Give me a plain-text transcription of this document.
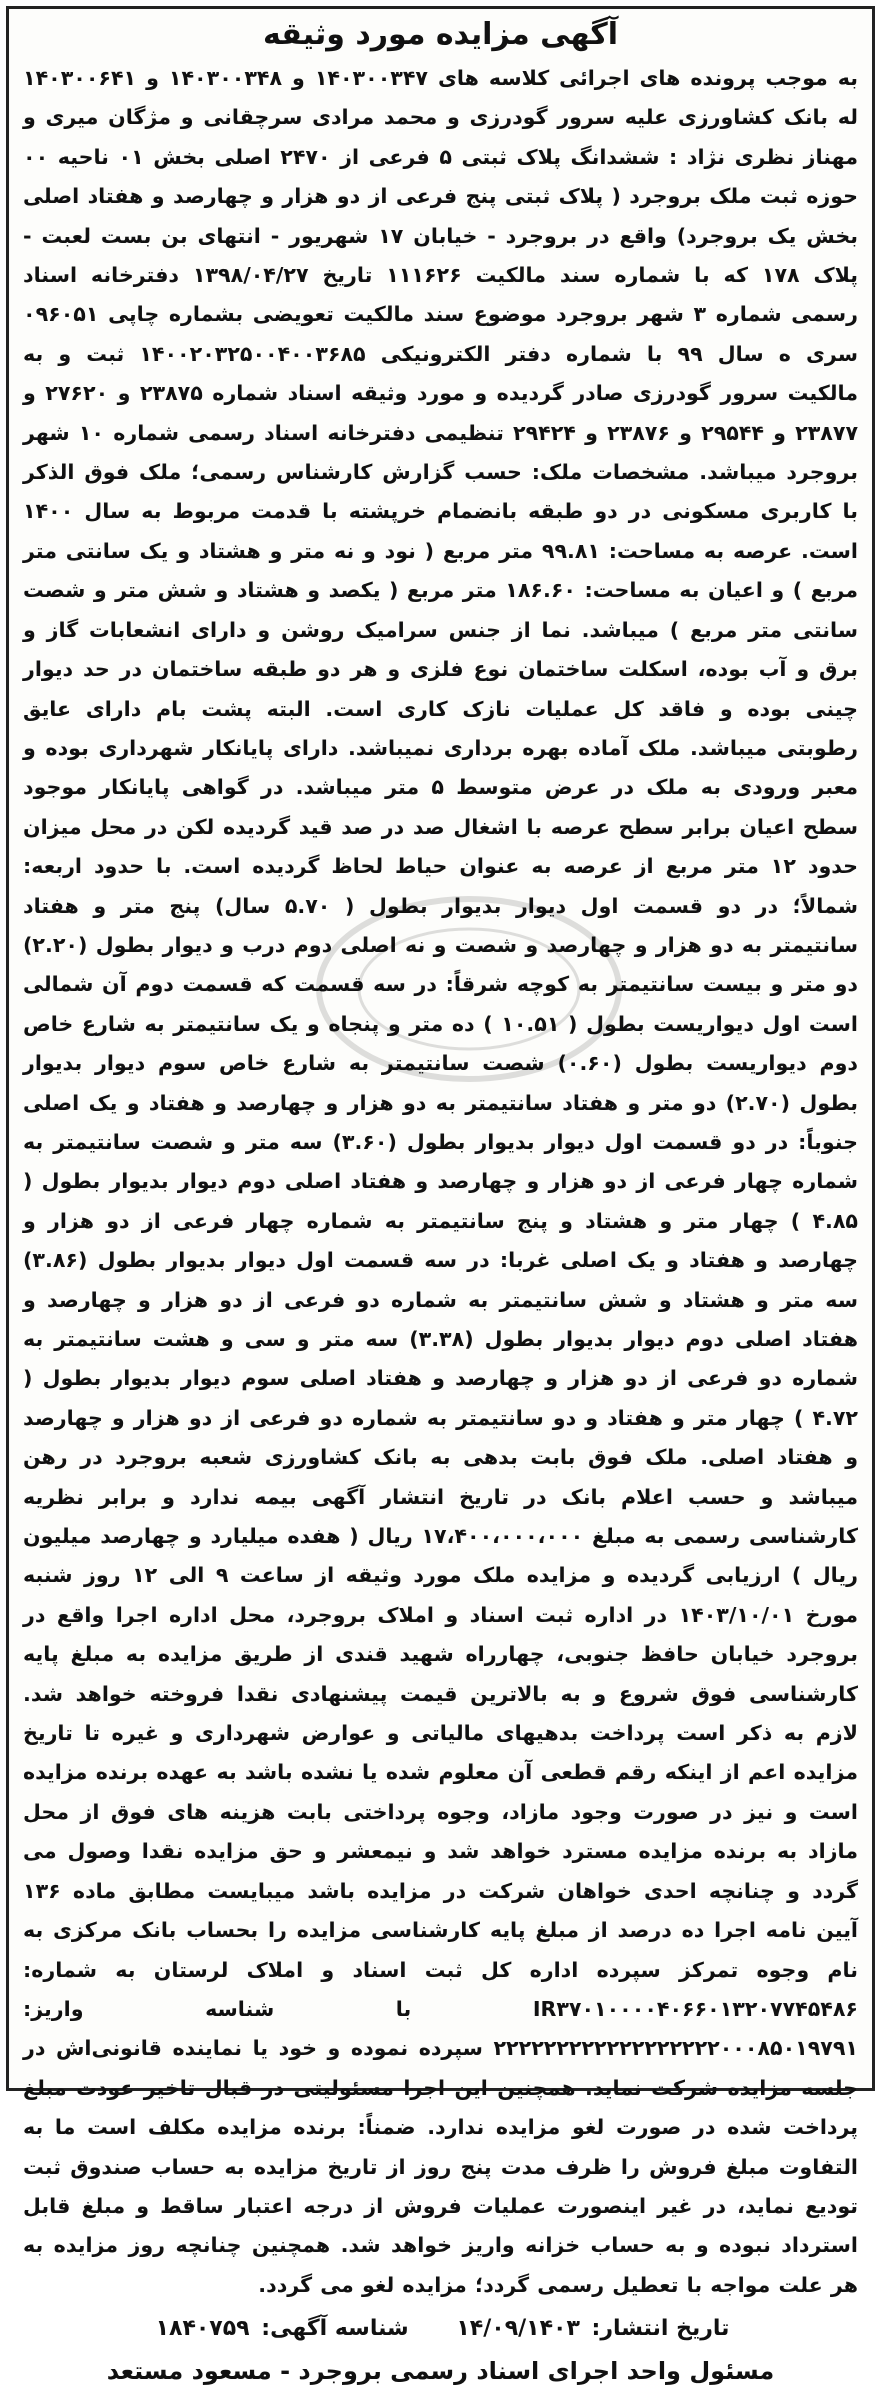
آگهی مزایده مورد وثیقه

به موجب پرونده های اجرائی کلاسه های ۱۴۰۳۰۰۳۴۷ و ۱۴۰۳۰۰۳۴۸ و ۱۴۰۳۰۰۶۴۱ له بانک کشاورزی علیه سرور گودرزی و محمد مرادی سرچقانی و مژگان میری و مهناز نظری نژاد : ششدانگ پلاک ثبتی ۵ فرعی از ۲۴۷۰ اصلی بخش ۰۱ ناحیه ۰۰ حوزه ثبت ملک بروجرد ( پلاک ثبتی پنج فرعی از دو هزار و چهارصد و هفتاد اصلی بخش یک بروجرد) واقع در بروجرد - خیابان ۱۷ شهریور - انتهای بن بست لعبت - پلاک ۱۷۸ که با شماره سند مالکیت ۱۱۱۶۲۶ تاریخ ۱۳۹۸/۰۴/۲۷ دفترخانه اسناد رسمی شماره ۳ شهر بروجرد موضوع سند مالکیت تعویضی بشماره چاپی ۰۹۶۰۵۱ سری ه سال ۹۹ با شماره دفتر الکترونیکی ۱۴۰۰۲۰۳۲۵۰۰۴۰۰۳۶۸۵ ثبت و به مالکیت سرور گودرزی صادر گردیده و مورد وثیقه اسناد شماره ۲۳۸۷۵ و ۲۷۶۲۰ و ۲۳۸۷۷ و ۲۹۵۴۴ و ۲۳۸۷۶ و ۲۹۴۲۴ تنظیمی دفترخانه اسناد رسمی شماره ۱۰ شهر بروجرد میباشد. مشخصات ملک: حسب گزارش کارشناس رسمی؛ ملک فوق الذکر با کاربری مسکونی در دو طبقه بانضمام خرپشته با قدمت مربوط به سال ۱۴۰۰ است. عرصه به مساحت: ۹۹.۸۱ متر مربع ( نود و نه متر و هشتاد و یک سانتی متر مربع ) و اعیان به مساحت: ۱۸۶.۶۰ متر مربع ( یکصد و هشتاد و شش متر و شصت سانتی متر مربع ) میباشد. نما از جنس سرامیک روشن و دارای انشعابات گاز و برق و آب بوده، اسکلت ساختمان نوع فلزی و هر دو طبقه ساختمان در حد دیوار چینی بوده و فاقد کل عملیات نازک کاری است. البته پشت بام دارای عایق رطوبتی میباشد. ملک آماده بهره برداری نمیباشد. دارای پایانکار شهرداری بوده و معبر ورودی به ملک در عرض متوسط ۵ متر میباشد. در گواهی پایانکار موجود سطح اعیان برابر سطح عرصه با اشغال صد در صد قید گردیده لکن در محل میزان حدود ۱۲ متر مربع از عرصه به عنوان حیاط لحاظ گردیده است. با حدود اربعه: شمالاً؛ در دو قسمت اول دیوار بدیوار بطول ( ۵.۷۰ سال) پنج متر و هفتاد سانتیمتر به دو هزار و چهارصد و شصت و نه اصلی دوم درب و دیوار بطول (۲.۲۰) دو متر و بیست سانتیمتر به کوچه شرقاً: در سه قسمت که قسمت دوم آن شمالی است اول دیواریست بطول ( ۱۰.۵۱ ) ده متر و پنجاه و یک سانتیمتر به شارع خاص دوم دیواریست بطول (۰.۶۰) شصت سانتیمتر به شارع خاص سوم دیوار بدیوار بطول (۲.۷۰) دو متر و هفتاد سانتیمتر به دو هزار و چهارصد و هفتاد و یک اصلی جنوباً: در دو قسمت اول دیوار بدیوار بطول (۳.۶۰) سه متر و شصت سانتیمتر به شماره چهار فرعی از دو هزار و چهارصد و هفتاد اصلی دوم دیوار بدیوار بطول ( ۴.۸۵ ) چهار متر و هشتاد و پنج سانتیمتر به شماره چهار فرعی از دو هزار و چهارصد و هفتاد و یک اصلی غربا: در سه قسمت اول دیوار بدیوار بطول (۳.۸۶) سه متر و هشتاد و شش سانتیمتر به شماره دو فرعی از دو هزار و چهارصد و هفتاد اصلی دوم دیوار بدیوار بطول (۳.۳۸) سه متر و سی و هشت سانتیمتر به شماره دو فرعی از دو هزار و چهارصد و هفتاد اصلی سوم دیوار بدیوار بطول ( ۴.۷۲ ) چهار متر و هفتاد و دو سانتیمتر به شماره دو فرعی از دو هزار و چهارصد و هفتاد اصلی. ملک فوق بابت بدهی به بانک کشاورزی شعبه بروجرد در رهن میباشد و حسب اعلام بانک در تاریخ انتشار آگهی بیمه ندارد و برابر نظریه کارشناسی رسمی به مبلغ ۱۷،۴۰۰،۰۰۰،۰۰۰ ریال ( هفده میلیارد و چهارصد میلیون ریال ) ارزیابی گردیده و مزایده ملک مورد وثیقه از ساعت ۹ الی ۱۲ روز شنبه مورخ ۱۴۰۳/۱۰/۰۱ در اداره ثبت اسناد و املاک بروجرد، محل اداره اجرا واقع در بروجرد خیابان حافظ جنوبی، چهارراه شهید قندی از طریق مزایده به مبلغ پایه کارشناسی فوق شروع و به بالاترین قیمت پیشنهادی نقدا فروخته خواهد شد. لازم به ذکر است پرداخت بدهیهای مالیاتی و عوارض شهرداری و غیره تا تاریخ مزایده اعم از اینکه رقم قطعی آن معلوم شده یا نشده باشد به عهده برنده مزایده است و نیز در صورت وجود مازاد، وجوه پرداختی بابت هزینه های فوق از محل مازاد به برنده مزایده مسترد خواهد شد و نیمعشر و حق مزایده نقدا وصول می گردد و چنانچه احدی خواهان شرکت در مزایده باشد میبایست مطابق ماده ۱۳۶ آیین نامه اجرا ده درصد از مبلغ پایه کارشناسی مزایده را بحساب بانک مرکزی به نام وجوه تمرکز سپرده اداره کل ثبت اسناد و املاک لرستان به شماره: IR۳۷۰۱۰۰۰۰۴۰۶۶۰۱۳۲۰۷۷۴۵۴۸۶ با شناسه واریز: ۲۲۲۲۲۲۲۲۲۲۲۲۲۲۲۲۲۲۰۰۰۸۵۰۱۹۷۹۱ سپرده نموده و خود یا نماینده قانونی‌اش در جلسه مزایده شرکت نماید. همچنین این اجرا مسئولیتی در قبال تاخیر عودت مبلغ پرداخت شده در صورت لغو مزایده ندارد. ضمناً: برنده مزایده مکلف است ما به التفاوت مبلغ فروش را ظرف مدت پنج روز از تاریخ مزایده به حساب صندوق ثبت تودیع نماید، در غیر اینصورت عملیات فروش از درجه اعتبار ساقط و مبلغ قابل استرداد نبوده و به حساب خزانه واریز خواهد شد. همچنین چنانچه روز مزایده به هر علت مواجه با تعطیل رسمی گردد؛ مزایده لغو می گردد.

تاریخ انتشار: ۱۴/۰۹/۱۴۰۳ شناسه آگهی: ۱۸۴۰۷۵۹
مسئول واحد اجرای اسناد رسمی بروجرد - مسعود مستعد
